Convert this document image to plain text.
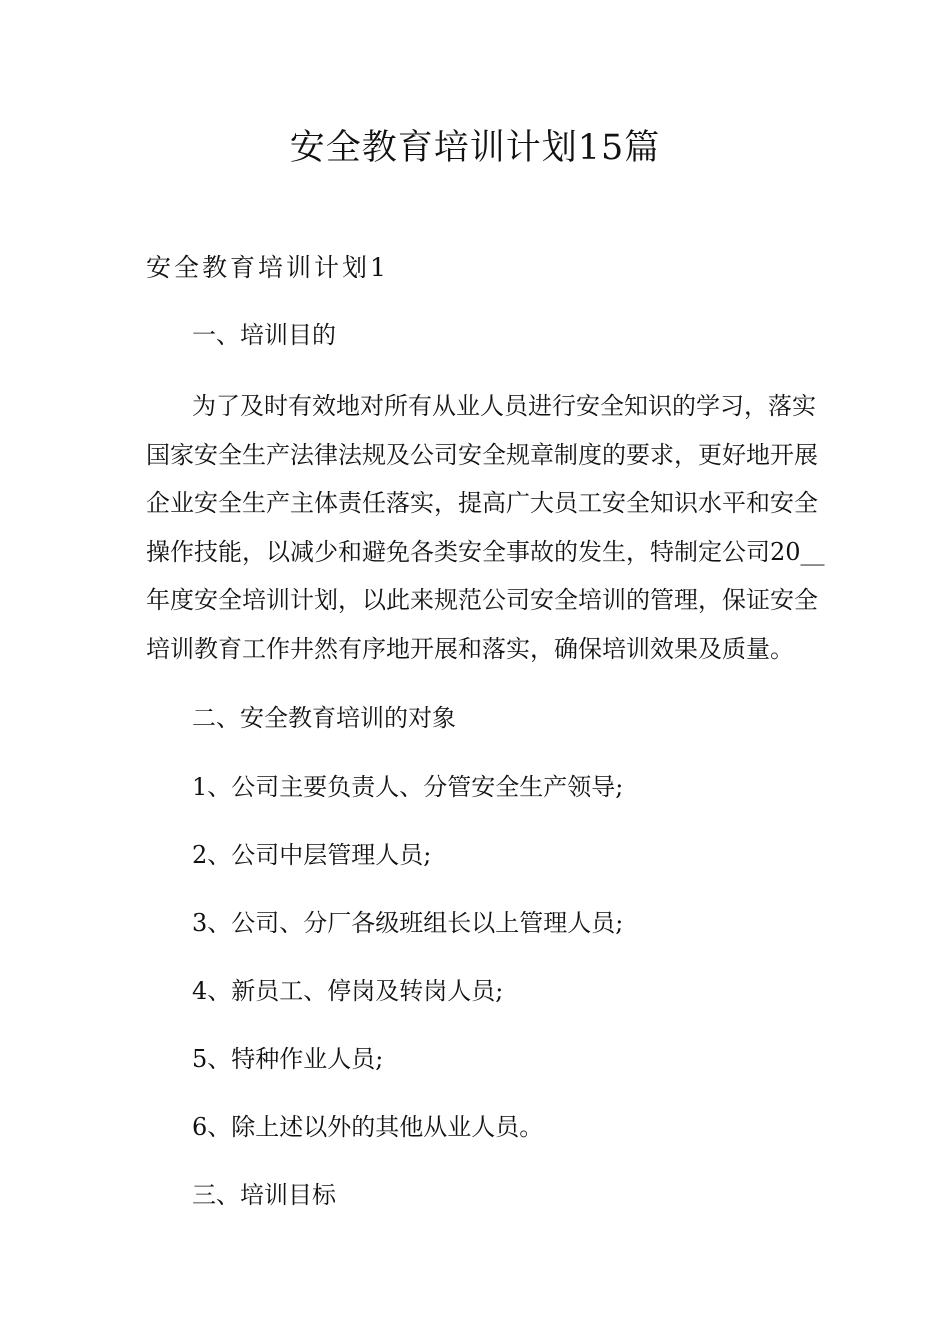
安全教育培训计划15篇
安全教育培训计划1

一、培训目的

为了及时有效地对所有从业人员进行安全知识的学习，落实
国家安全生产法律法规及公司安全规章制度的要求，更好地开展
企业安全生产主体责任落实，提高广大员工安全知识水平和安全
操作技能，以减少和避免各类安全事故的发生，特制定公司20__
年度安全培训计划，以此来规范公司安全培训的管理，保证安全
培训教育工作井然有序地开展和落实，确保培训效果及质量。

二、安全教育培训的对象

1、公司主要负责人、分管安全生产领导;

2、公司中层管理人员;

3、公司、分厂各级班组长以上管理人员;

4、新员工、停岗及转岗人员;

5、特种作业人员;

6、除上述以外的其他从业人员。

三、培训目标
